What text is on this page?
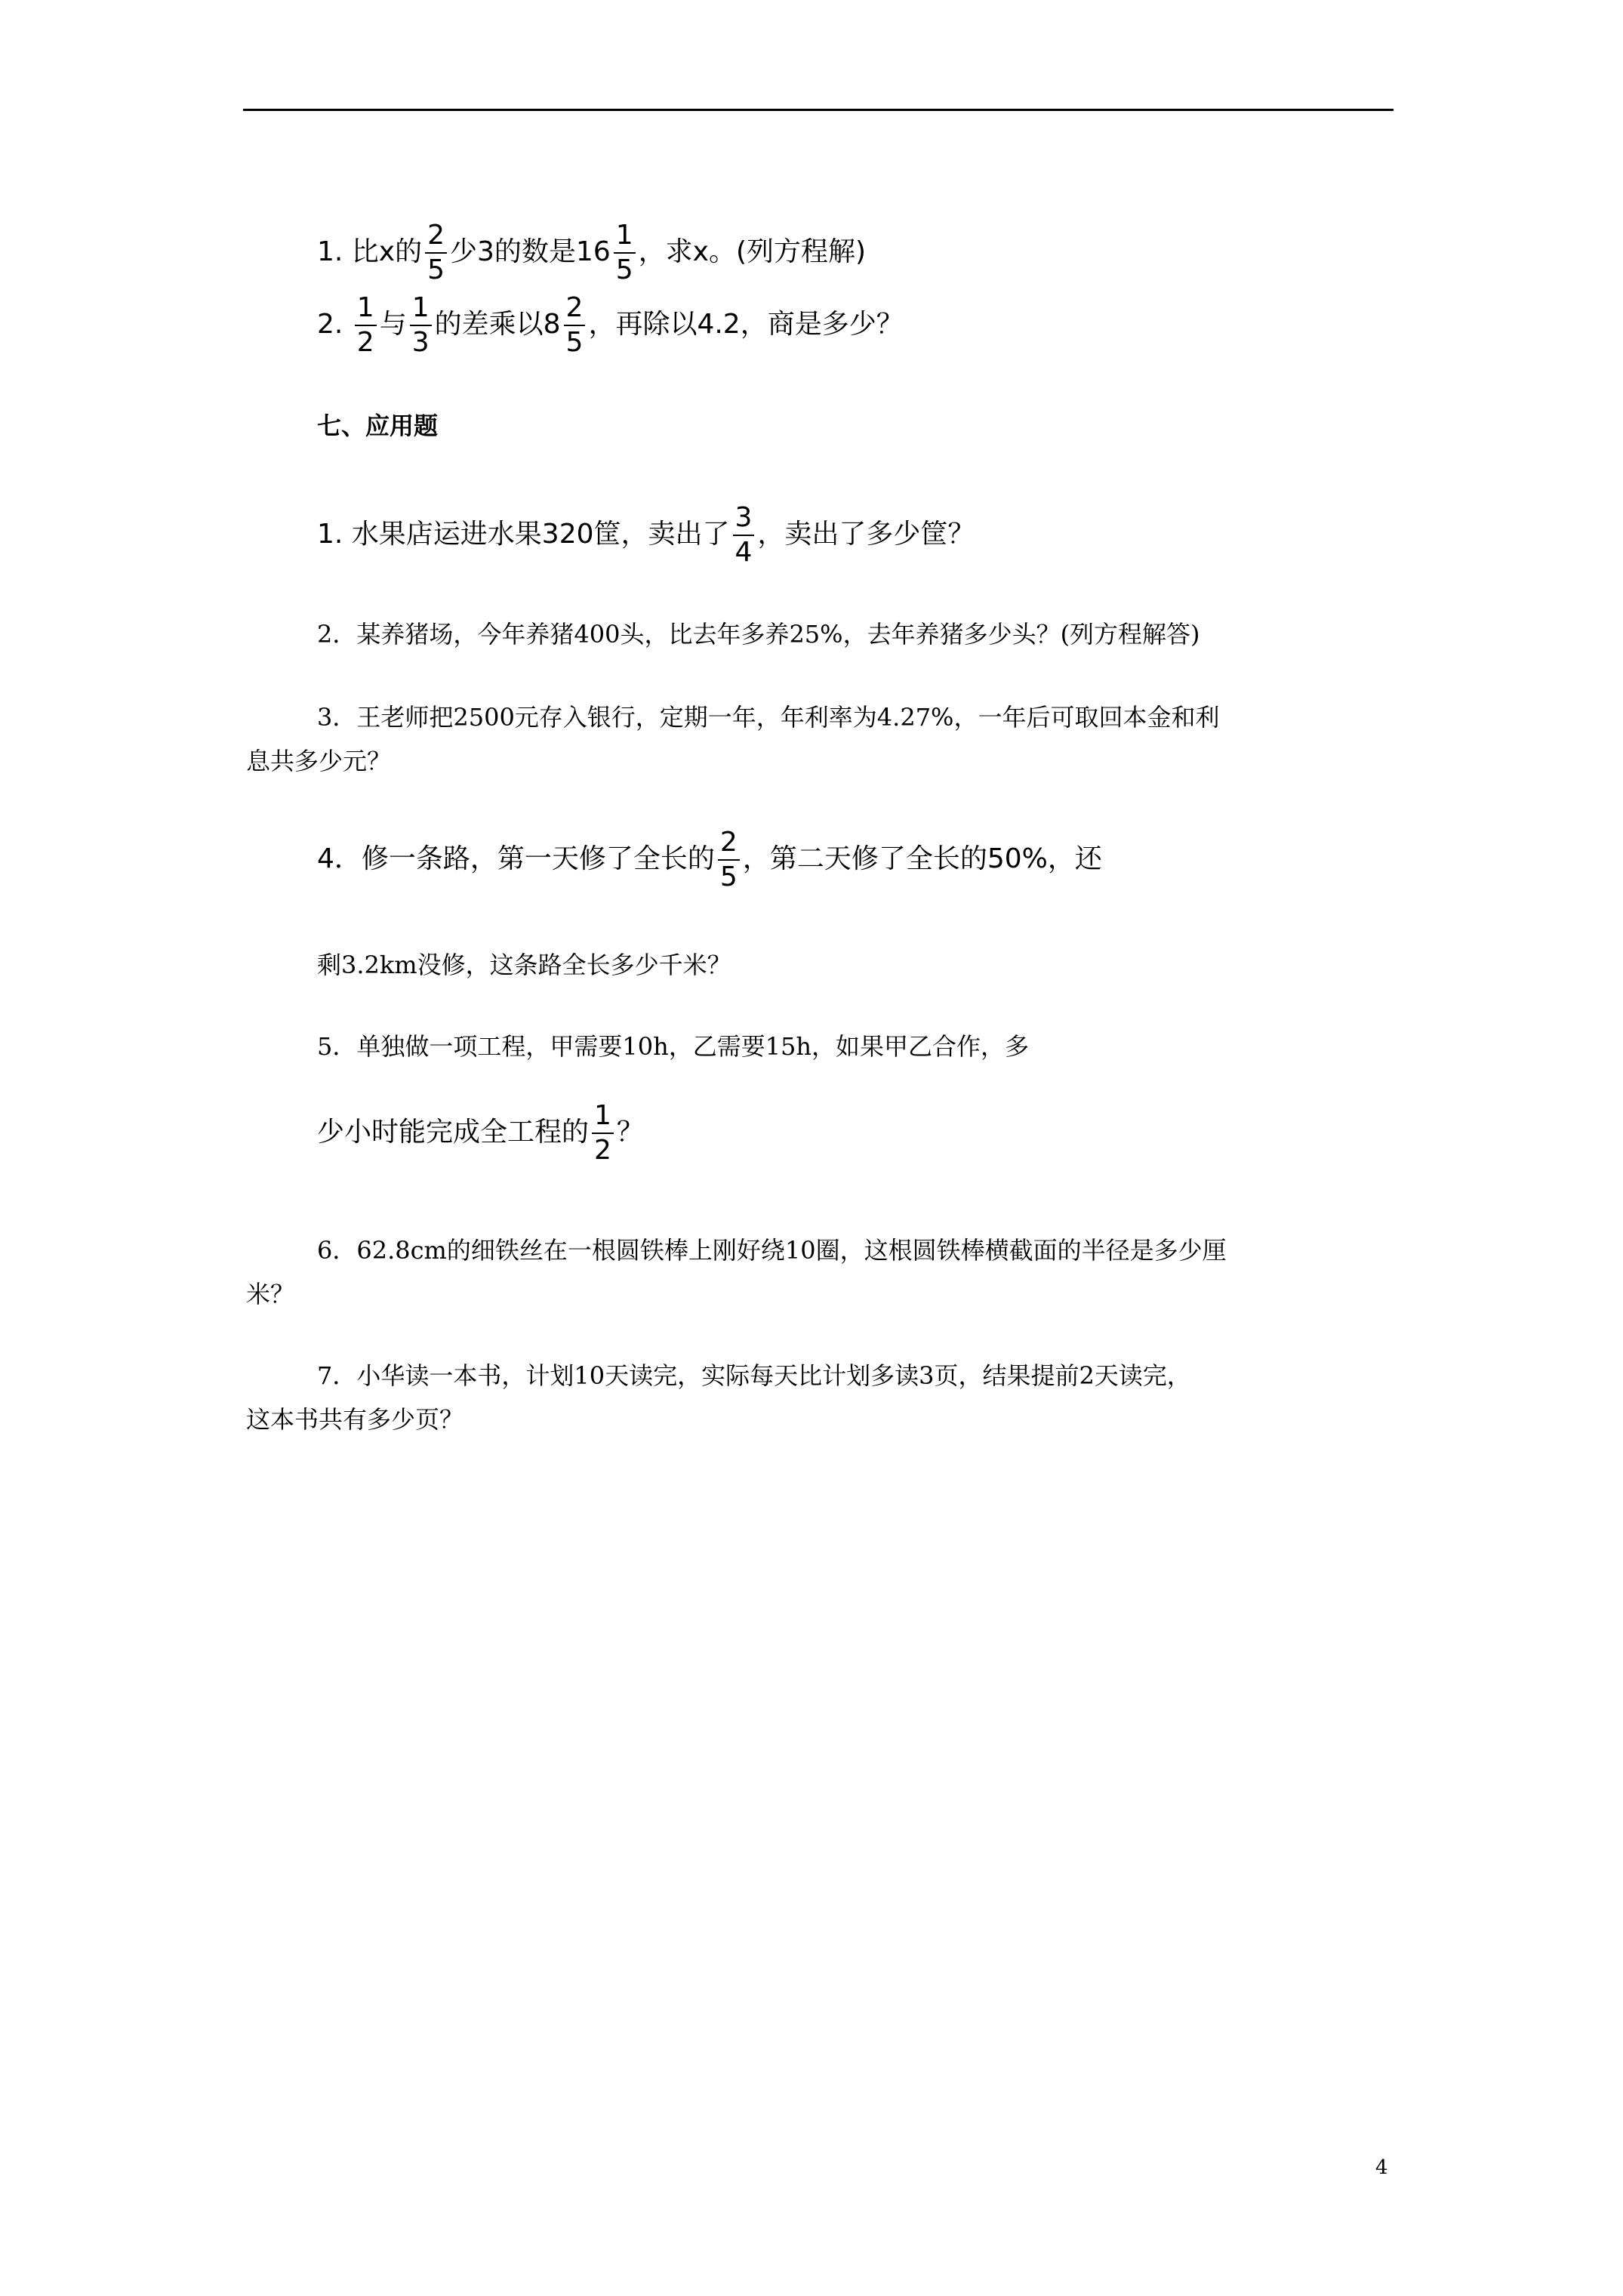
1. 比x的 $\frac{2}{5}$ 少3的数是$16 \frac{1}{5}$ ，求x。(列方程解)
2. $\frac{1}{2}$ 与 $\frac{1}{3}$ 的差乘以$8 \frac{2}{5}$ ，再除以4.2，商是多少？
七、应用题
1. 水果店运进水果320筐，卖出了 $\frac{3}{4}$ ，卖出了多少筐？
2．某养猪场，今年养猪400头，比去年多养25%，去年养猪多少头？(列方程解答)
3．王老师把2500元存入银行，定期一年，年利率为4.27%，一年后可取回本金和利
息共多少元？
4．修一条路，第一天修了全长的 $\frac{2}{5}$ ，第二天修了全长的50%，还
剩3.2km没修，这条路全长多少千米？
5．单独做一项工程，甲需要10h，乙需要15h，如果甲乙合作，多
少小时能完成全工程的 $\frac{1}{2}$ ？
6．62.8cm的细铁丝在一根圆铁棒上刚好绕10圈，这根圆铁棒横截面的半径是多少厘
米？
7．小华读一本书，计划10天读完，实际每天比计划多读3页，结果提前2天读完，
这本书共有多少页？
4
